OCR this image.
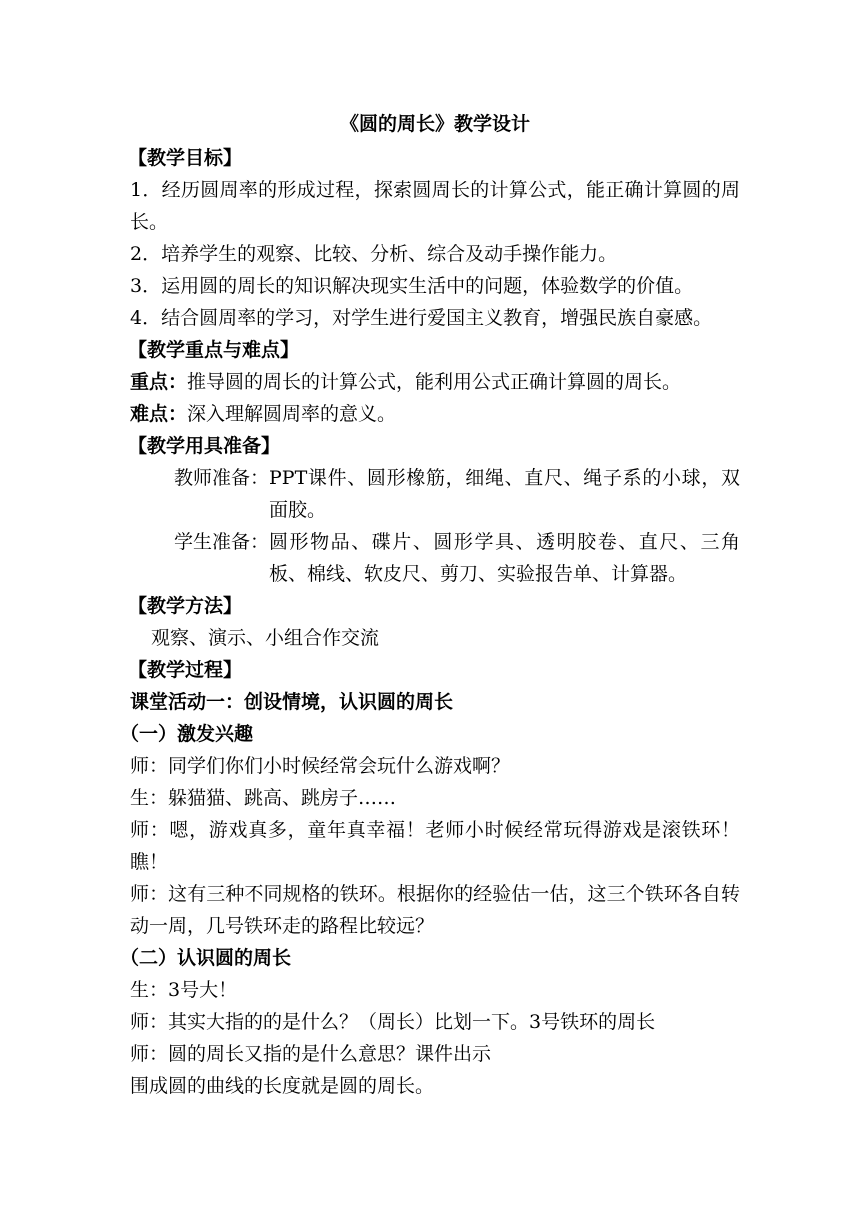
《圆的周长》教学设计
【教学目标】

1．经历圆周率的形成过程，探索圆周长的计算公式，能正确计算圆的周长。

2．培养学生的观察、比较、分析、综合及动手操作能力。

3．运用圆的周长的知识解决现实生活中的问题，体验数学的价值。

4．结合圆周率的学习，对学生进行爱国主义教育，增强民族自豪感。

【教学重点与难点】

重点：推导圆的周长的计算公式，能利用公式正确计算圆的周长。

难点：深入理解圆周率的意义。

【教学用具准备】
教师准备： PPT课件、圆形橡筋，细绳、直尺、绳子系的小球，双面胶。
学生准备： 圆形物品、碟片、圆形学具、透明胶卷、直尺、三角板、棉线、软皮尺、剪刀、实验报告单、计算器。
【教学方法】

观察、演示、小组合作交流

【教学过程】

课堂活动一：创设情境，认识圆的周长

（一）激发兴趣

师：同学们你们小时候经常会玩什么游戏啊？

生：躲猫猫、跳高、跳房子……

师：嗯，游戏真多，童年真幸福！老师小时候经常玩得游戏是滚铁环！瞧！

师：这有三种不同规格的铁环。根据你的经验估一估，这三个铁环各自转动一周，几号铁环走的路程比较远？

（二）认识圆的周长

生：3号大！

师：其实大指的的是什么？（周长）比划一下。3号铁环的周长

师：圆的周长又指的是什么意思？课件出示

围成圆的曲线的长度就是圆的周长。
